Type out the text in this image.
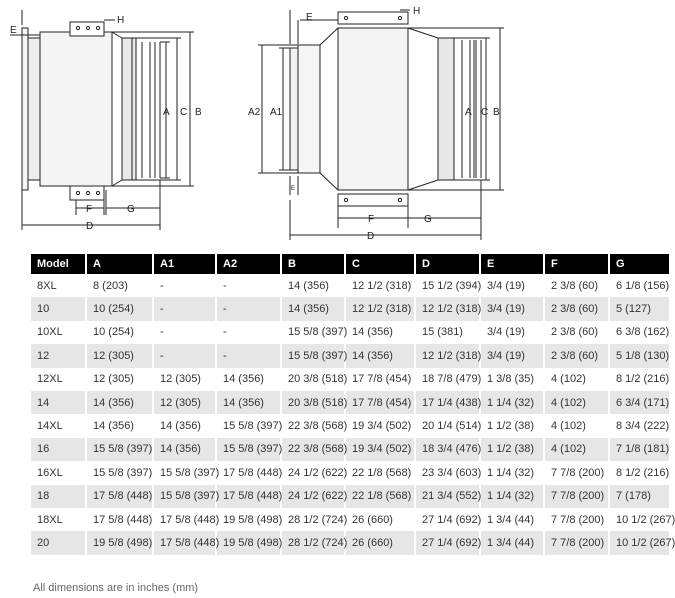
E
H
A C B
F	G
D
E
H
A2 A1	A C B
E
F	G
D
Model	A	A1	A2	B	C	D	E	F	G
8XL	8 (203)	-	-	14 (356)	12 1/2 (318)	15 1/2 (394)	3/4 (19)	2 3/8 (60)	6 1/8 (156)
10	10 (254)	-	-	14 (356)	12 1/2 (318)	12 1/2 (318)	3/4 (19)	2 3/8 (60)	5 (127)
10XL	10 (254)	-	-	15 5/8 (397)	14 (356)	15 (381)	3/4 (19)	2 3/8 (60)	6 3/8 (162)
12	12 (305)	-	-	15 5/8 (397)	14 (356)	12 1/2 (318)	3/4 (19)	2 3/8 (60)	5 1/8 (130)
12XL	12 (305)	12 (305)	14 (356)	20 3/8 (518)	17 7/8 (454)	18 7/8 (479)	1 3/8 (35)	4 (102)	8 1/2 (216)
14	14 (356)	12 (305)	14 (356)	20 3/8 (518)	17 7/8 (454)	17 1/4 (438)	1 1/4 (32)	4 (102)	6 3/4 (171)
14XL	14 (356)	14 (356)	15 5/8 (397)	22 3/8 (568)	19 3/4 (502)	20 1/4 (514)	1 1/2 (38)	4 (102)	8 3/4 (222)
16	15 5/8 (397)	14 (356)	15 5/8 (397)	22 3/8 (568)	19 3/4 (502)	18 3/4 (476)	1 1/2 (38)	4 (102)	7 1/8 (181)
16XL	15 5/8 (397)	15 5/8 (397)	17 5/8 (448)	24 1/2 (622)	22 1/8 (568)	23 3/4 (603)	1 1/4 (32)	7 7/8 (200)	8 1/2 (216)
18	17 5/8 (448)	15 5/8 (397)	17 5/8 (448)	24 1/2 (622)	22 1/8 (568)	21 3/4 (552)	1 1/4 (32)	7 7/8 (200)	7 (178)
18XL	17 5/8 (448)	17 5/8 (448)	19 5/8 (498)	28 1/2 (724)	26 (660)	27 1/4 (692)	1 3/4 (44)	7 7/8 (200)	10 1/2 (267)
20	19 5/8 (498)	17 5/8 (448)	19 5/8 (498)	28 1/2 (724)	26 (660)	27 1/4 (692)	1 3/4 (44)	7 7/8 (200)	10 1/2 (267)
All dimensions are in inches (mm)
